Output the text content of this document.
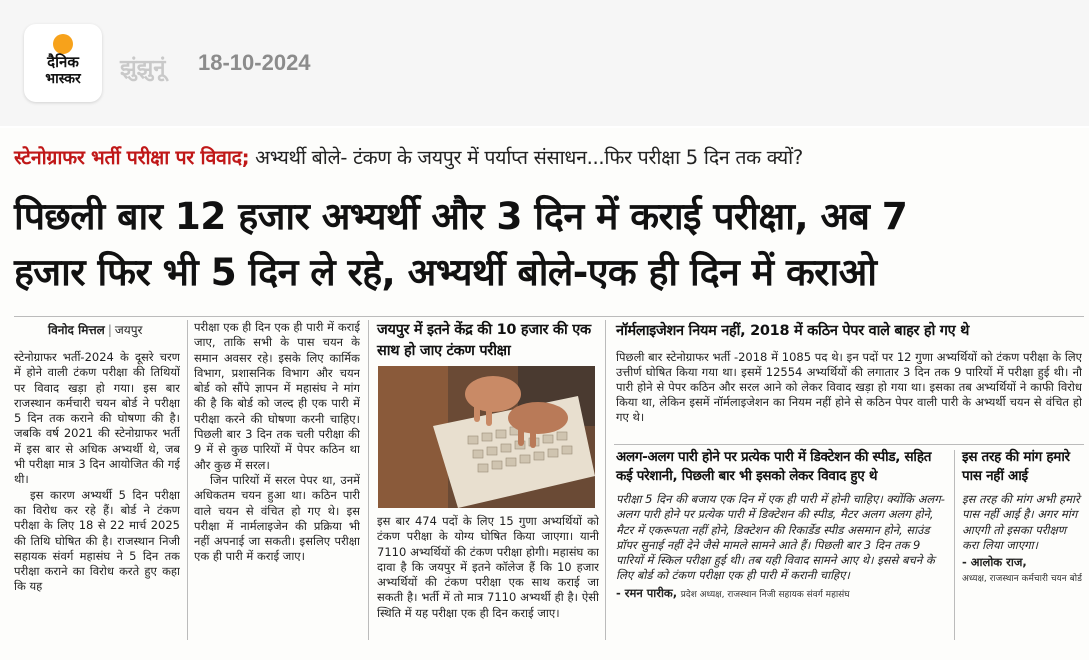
दैनिक
भास्कर	झुंझुनूं 18-10-2024
स्टेनोग्राफर भर्ती परीक्षा पर विवाद; अभ्यर्थी बोले- टंकण के जयपुर में पर्याप्त संसाधन...फिर परीक्षा 5 दिन तक क्यों?
पिछली बार 12 हजार अभ्यर्थी और 3 दिन में कराई परीक्षा, अब 7
हजार फिर भी 5 दिन ले रहे, अभ्यर्थी बोले-एक ही दिन में कराओ
विनोद मित्तल | जयपुर

स्टेनोग्राफर भर्ती-2024 के दूसरे चरण में होने वाली टंकण परीक्षा की तिथियों पर विवाद खड़ा हो गया। इस बार राजस्थान कर्मचारी चयन बोर्ड ने परीक्षा 5 दिन तक कराने की घोषणा की है। जबकि वर्ष 2021 की स्टेनोग्राफर भर्ती में इस बार से अधिक अभ्यर्थी थे, जब भी परीक्षा मात्र 3 दिन आयोजित की गई थी।

इस कारण अभ्यर्थी 5 दिन परीक्षा का विरोध कर रहे हैं। बोर्ड ने टंकण परीक्षा के लिए 18 से 22 मार्च 2025 की तिथि घोषित की है। राजस्थान निजी सहायक संवर्ग महासंघ ने 5 दिन तक परीक्षा कराने का विरोध करते हुए कहा कि यह

परीक्षा एक ही दिन एक ही पारी में कराई जाए, ताकि सभी के पास चयन के समान अवसर रहे। इसके लिए कार्मिक विभाग, प्रशासनिक विभाग और चयन बोर्ड को सौंपे ज्ञापन में महासंघ ने मांग की है कि बोर्ड को जल्द ही एक पारी में परीक्षा करने की घोषणा करनी चाहिए। पिछली बार 3 दिन तक चली परीक्षा की 9 में से कुछ पारियों में पेपर कठिन था और कुछ में सरल।

जिन पारियों में सरल पेपर था, उनमें अधिकतम चयन हुआ था। कठिन पारी वाले चयन से वंचित हो गए थे। इस परीक्षा में नार्मलाइजेन की प्रक्रिया भी नहीं अपनाई जा सकती। इसलिए परीक्षा एक ही पारी में कराई जाए।

जयपुर में इतने केंद्र की 10 हजार की एक साथ हो जाए टंकण परीक्षा

इस बार 474 पदों के लिए 15 गुणा अभ्यर्थियों को टंकण परीक्षा के योग्य घोषित किया जाएगा। यानी 7110 अभ्यर्थियों की टंकण परीक्षा होगी। महासंघ का दावा है कि जयपुर में इतने कॉलेज हैं कि 10 हजार अभ्यर्थियों की टंकण परीक्षा एक साथ कराई जा सकती है। भर्ती में तो मात्र 7110 अभ्यर्थी ही है। ऐसी स्थिति में यह परीक्षा एक ही दिन कराई जाए।

नॉर्मलाइजेशन नियम नहीं, 2018 में कठिन पेपर वाले बाहर हो गए थे

पिछली बार स्टेनोग्राफर भर्ती -2018 में 1085 पद थे। इन पदों पर 12 गुणा अभ्यर्थियों को टंकण परीक्षा के लिए उत्तीर्ण घोषित किया गया था। इसमें 12554 अभ्यर्थियों की लगातार 3 दिन तक 9 पारियों में परीक्षा हुई थी। नौ पारी होने से पेपर कठिन और सरल आने को लेकर विवाद खड़ा हो गया था। इसका तब अभ्यर्थियों ने काफी विरोध किया था, लेकिन इसमें नॉर्मलाइजेशन का नियम नहीं होने से कठिन पेपर वाली पारी के अभ्यर्थी चयन से वंचित हो गए थे।

अलग-अलग पारी होने पर प्रत्येक पारी में डिक्टेशन की स्पीड, सहित कई परेशानी, पिछली बार भी इसको लेकर विवाद हुए थे

परीक्षा 5 दिन की बजाय एक दिन में एक ही पारी में होनी चाहिए। क्योंकि अलग-अलग पारी होने पर प्रत्येक पारी में डिक्टेशन की स्पीड, मैटर अलग अलग होने, मैटर में एकरूपता नहीं होने, डिक्टेशन की रिकार्डेड स्पीड असमान होने, साउंड प्रॉपर सुनाई नहीं देने जैसे मामले सामने आते हैं। पिछली बार 3 दिन तक 9 पारियों में स्किल परीक्षा हुई थी। तब यही विवाद सामने आए थे। इससे बचने के लिए बोर्ड को टंकण परीक्षा एक ही पारी में करानी चाहिए।

- रमन पारीक, प्रदेश अध्यक्ष, राजस्थान निजी सहायक संवर्ग महासंघ

इस तरह की मांग हमारे पास नहीं आई

इस तरह की मांग अभी हमारे पास नहीं आई है। अगर मांग आएगी तो इसका परीक्षण करा लिया जाएगा।

- आलोक राज,
अध्यक्ष, राजस्थान कर्मचारी चयन बोर्ड
